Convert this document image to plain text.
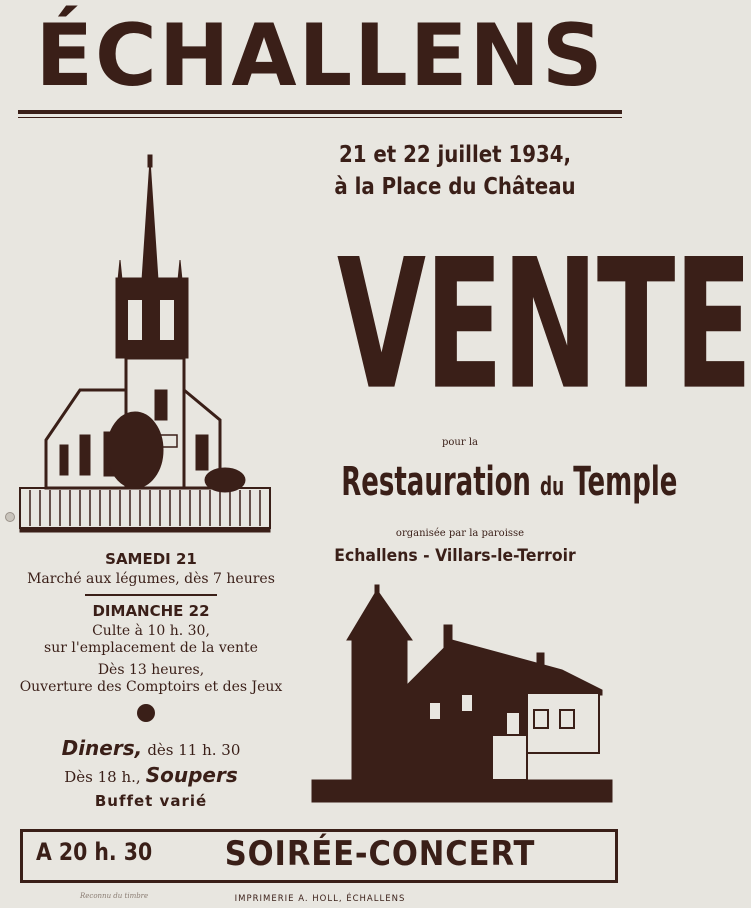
ÉCHALLENS
21 et 22 juillet 1934,
à la Place du Château
VENTE
pour la
Restauration du Temple
organisée par la paroisse
Echallens - Villars-le-Terroir
SAMEDI 21
Marché aux légumes, dès 7 heures
DIMANCHE 22
Culte à 10 h. 30,
sur l'emplacement de la vente
Dès 13 heures,
Ouverture des Comptoirs et des Jeux
Diners, dès 11 h. 30
Dès 18 h., Soupers
Buffet varié
A 20 h. 30	SOIRÉE-CONCERT
Reconnu du timbre	IMPRIMERIE A. HOLL, ÉCHALLENS
